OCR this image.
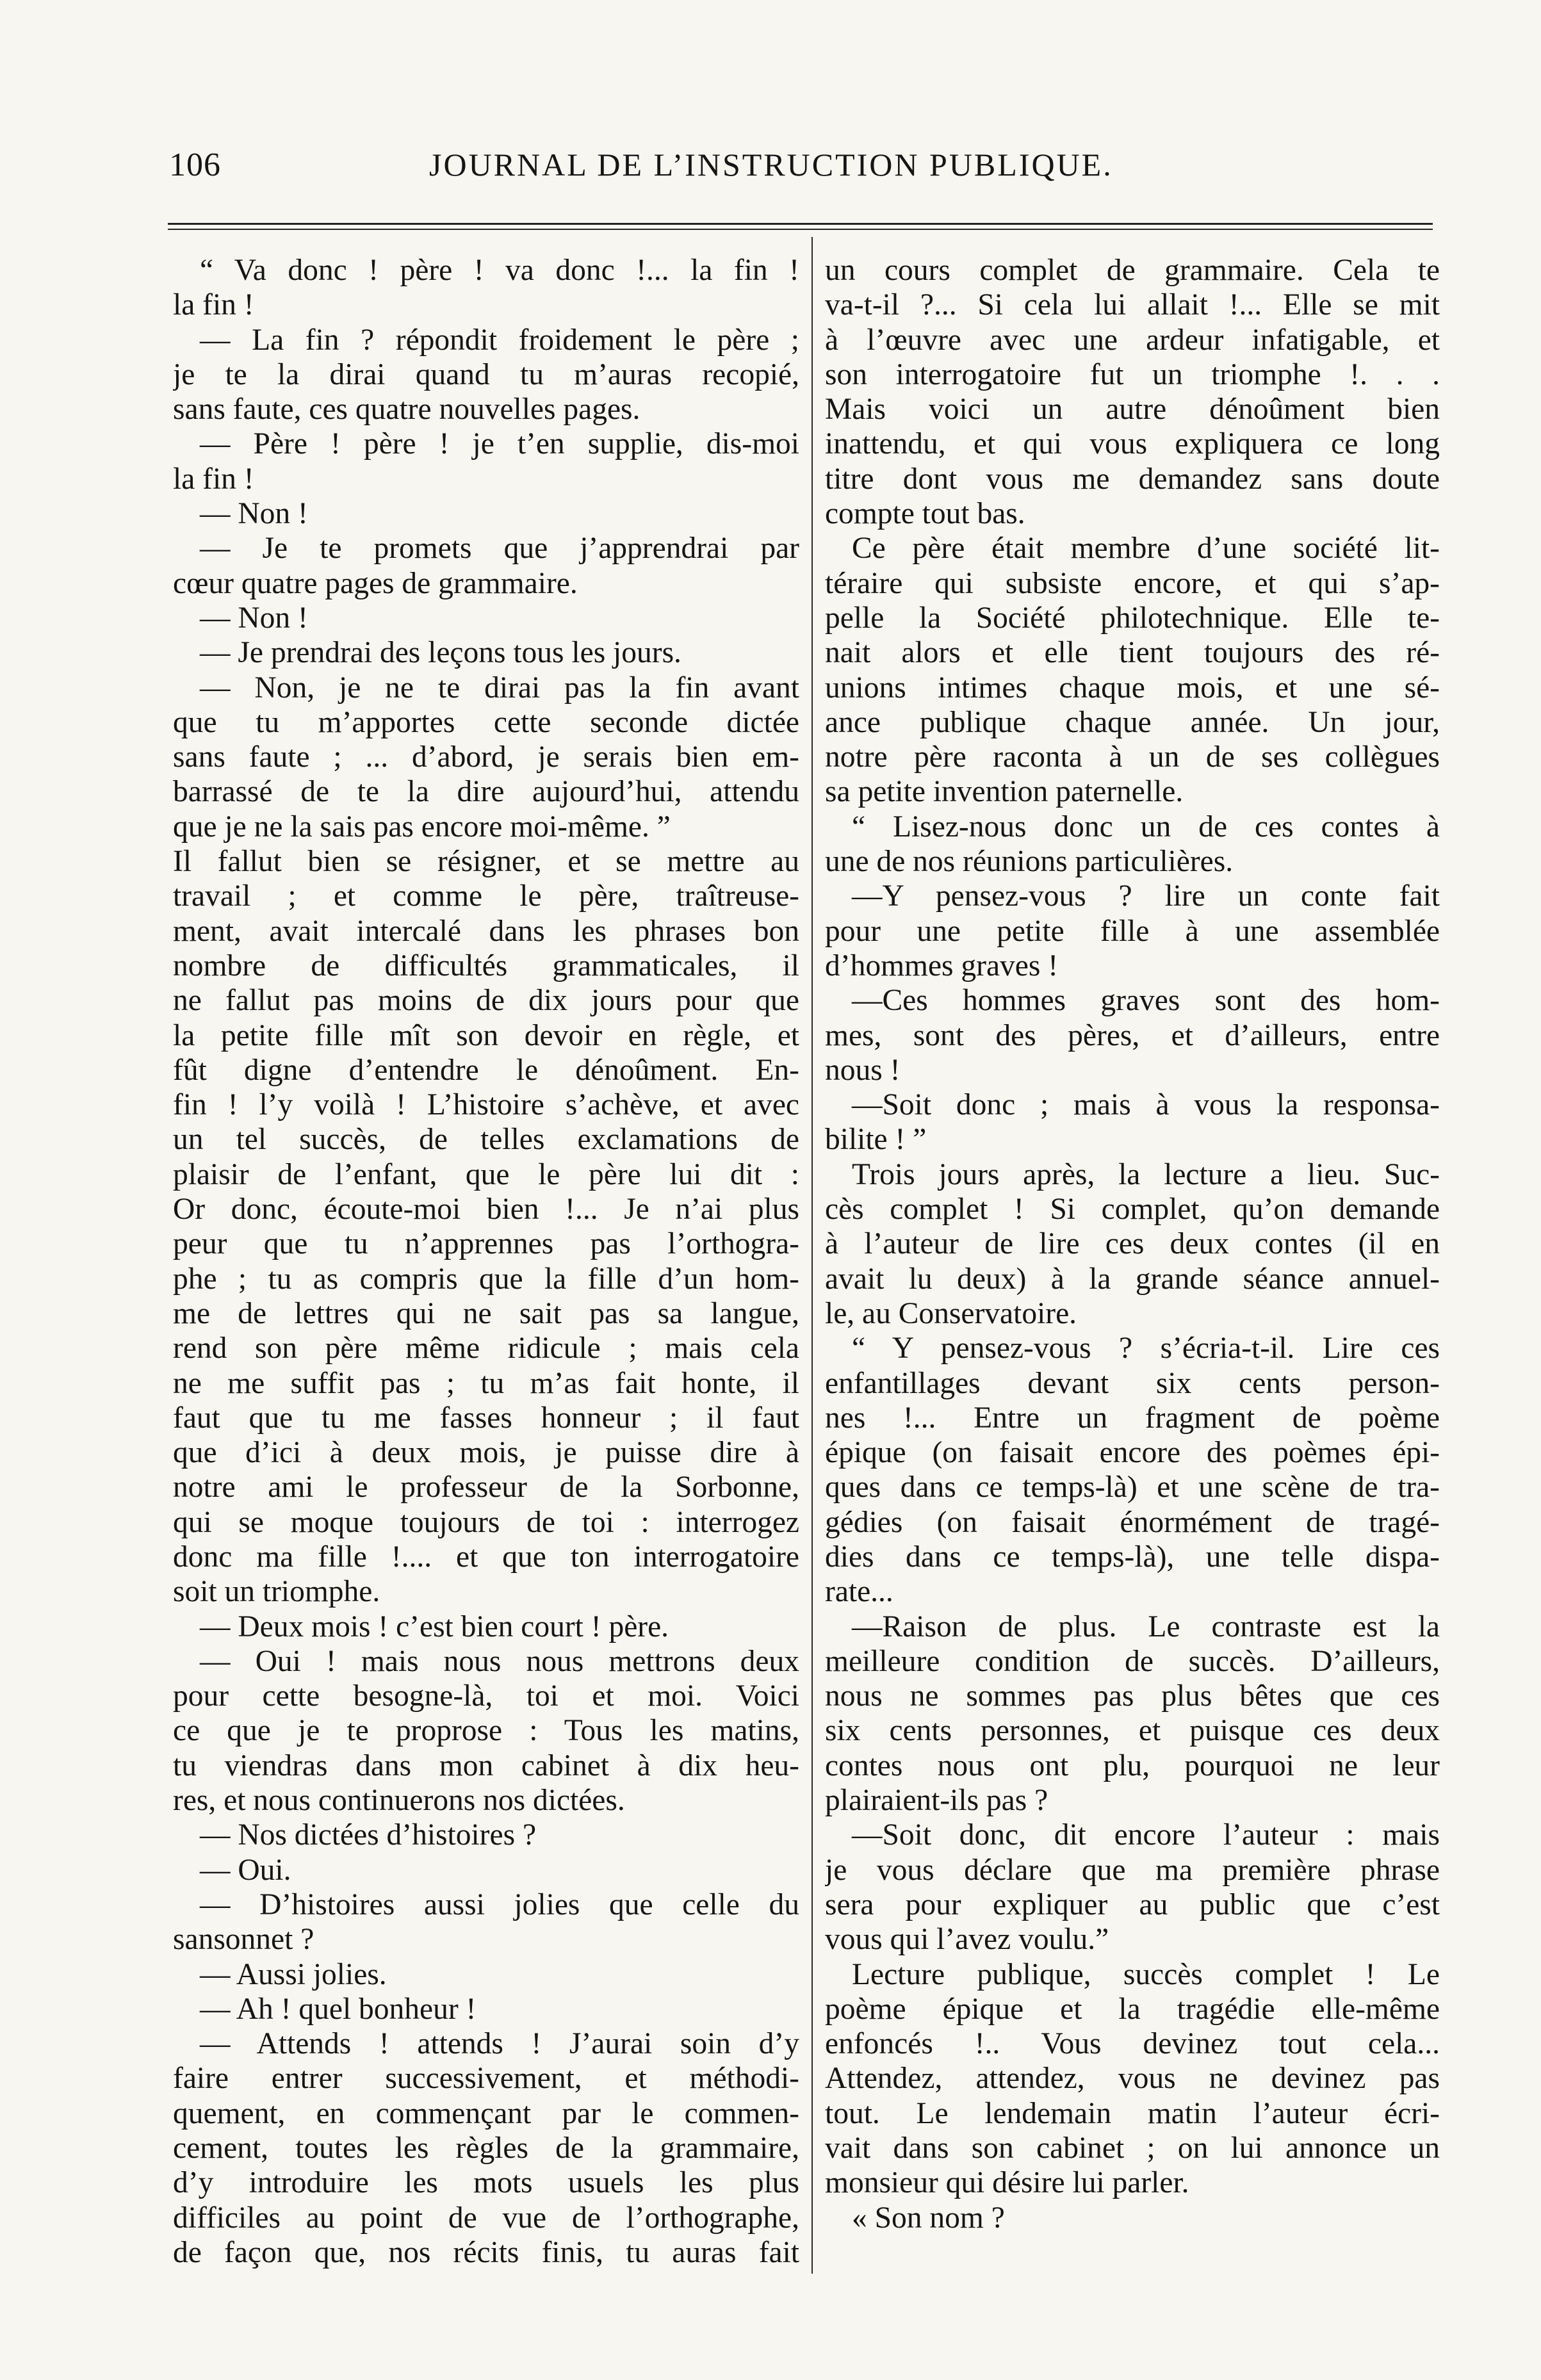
106	JOURNAL DE L’INSTRUCTION PUBLIQUE.
“ Va donc ! père ! va donc !... la fin !
la fin !
— La fin ? répondit froidement le père ;
je te la dirai quand tu m’auras recopié,
sans faute, ces quatre nouvelles pages.
— Père ! père ! je t’en supplie, dis-moi
la fin !
— Non !
— Je te promets que j’apprendrai par
cœur quatre pages de grammaire.
— Non !
— Je prendrai des leçons tous les jours.
— Non, je ne te dirai pas la fin avant
que tu m’apportes cette seconde dictée
sans faute ; ... d’abord, je serais bien em-
barrassé de te la dire aujourd’hui, attendu
que je ne la sais pas encore moi-même. ”
Il fallut bien se résigner, et se mettre au
travail ; et comme le père, traîtreuse-
ment, avait intercalé dans les phrases bon
nombre de difficultés grammaticales, il
ne fallut pas moins de dix jours pour que
la petite fille mît son devoir en règle, et
fût digne d’entendre le dénoûment. En-
fin ! l’y voilà ! L’histoire s’achève, et avec
un tel succès, de telles exclamations de
plaisir de l’enfant, que le père lui dit :
Or donc, écoute-moi bien !... Je n’ai plus
peur que tu n’apprennes pas l’orthogra-
phe ; tu as compris que la fille d’un hom-
me de lettres qui ne sait pas sa langue,
rend son père même ridicule ; mais cela
ne me suffit pas ; tu m’as fait honte, il
faut que tu me fasses honneur ; il faut
que d’ici à deux mois, je puisse dire à
notre ami le professeur de la Sorbonne,
qui se moque toujours de toi : interrogez
donc ma fille !.... et que ton interrogatoire
soit un triomphe.
— Deux mois ! c’est bien court ! père.
— Oui ! mais nous nous mettrons deux
pour cette besogne-là, toi et moi. Voici
ce que je te proprose : Tous les matins,
tu viendras dans mon cabinet à dix heu-
res, et nous continuerons nos dictées.
— Nos dictées d’histoires ?
— Oui.
— D’histoires aussi jolies que celle du
sansonnet ?
— Aussi jolies.
— Ah ! quel bonheur !
— Attends ! attends ! J’aurai soin d’y
faire entrer successivement, et méthodi-
quement, en commençant par le commen-
cement, toutes les règles de la grammaire,
d’y introduire les mots usuels les plus
difficiles au point de vue de l’orthographe,
de façon que, nos récits finis, tu auras fait
un cours complet de grammaire. Cela te
va-t-il ?... Si cela lui allait !... Elle se mit
à l’œuvre avec une ardeur infatigable, et
son interrogatoire fut un triomphe !. . .
Mais voici un autre dénoûment bien
inattendu, et qui vous expliquera ce long
titre dont vous me demandez sans doute
compte tout bas.
Ce père était membre d’une société lit-
téraire qui subsiste encore, et qui s’ap-
pelle la Société philotechnique. Elle te-
nait alors et elle tient toujours des ré-
unions intimes chaque mois, et une sé-
ance publique chaque année. Un jour,
notre père raconta à un de ses collègues
sa petite invention paternelle.
“ Lisez-nous donc un de ces contes à
une de nos réunions particulières.
—Y pensez-vous ? lire un conte fait
pour une petite fille à une assemblée
d’hommes graves !
—Ces hommes graves sont des hom-
mes, sont des pères, et d’ailleurs, entre
nous !
—Soit donc ; mais à vous la responsa-
bilite ! ”
Trois jours après, la lecture a lieu. Suc-
cès complet ! Si complet, qu’on demande
à l’auteur de lire ces deux contes (il en
avait lu deux) à la grande séance annuel-
le, au Conservatoire.
“ Y pensez-vous ? s’écria-t-il. Lire ces
enfantillages devant six cents person-
nes !... Entre un fragment de poème
épique (on faisait encore des poèmes épi-
ques dans ce temps-là) et une scène de tra-
gédies (on faisait énormément de tragé-
dies dans ce temps-là), une telle dispa-
rate...
—Raison de plus. Le contraste est la
meilleure condition de succès. D’ailleurs,
nous ne sommes pas plus bêtes que ces
six cents personnes, et puisque ces deux
contes nous ont plu, pourquoi ne leur
plairaient-ils pas ?
—Soit donc, dit encore l’auteur : mais
je vous déclare que ma première phrase
sera pour expliquer au public que c’est
vous qui l’avez voulu.”
Lecture publique, succès complet ! Le
poème épique et la tragédie elle-même
enfoncés !.. Vous devinez tout cela...
Attendez, attendez, vous ne devinez pas
tout. Le lendemain matin l’auteur écri-
vait dans son cabinet ; on lui annonce un
monsieur qui désire lui parler.
« Son nom ?
